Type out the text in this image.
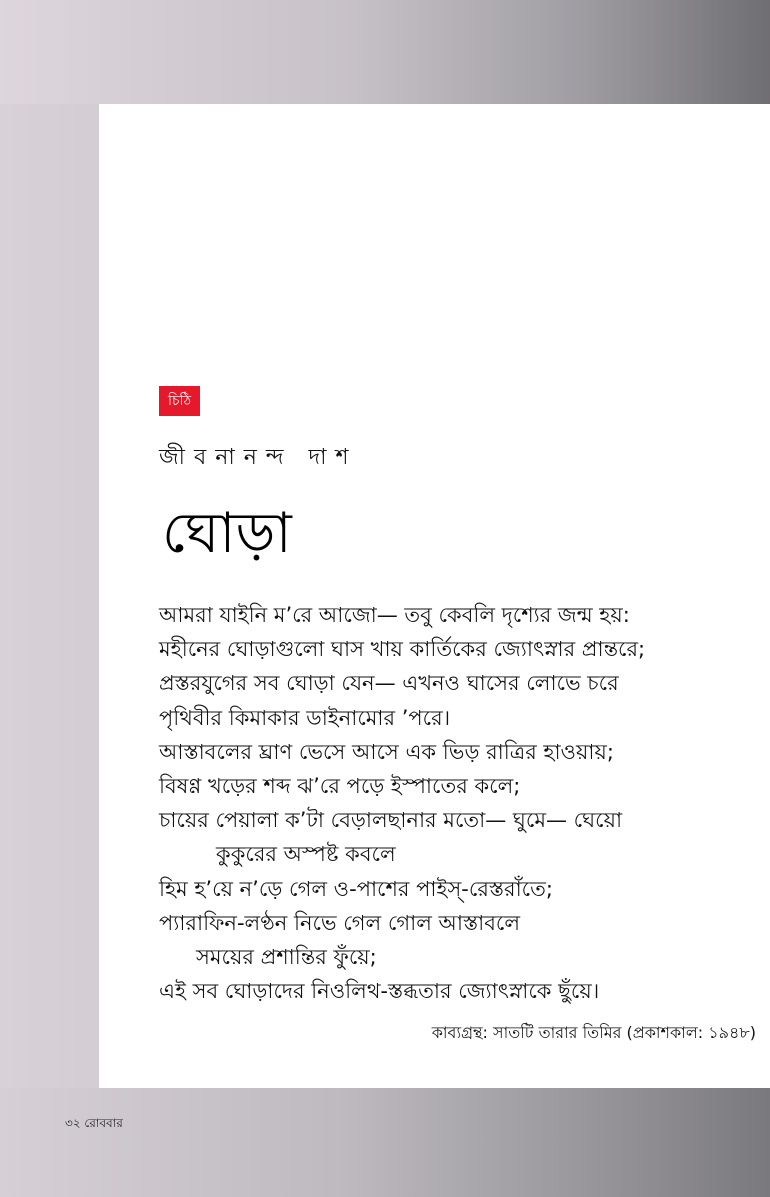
চিঠি
জীবনানন্দ দাশ
ঘোড়া
আমরা যাইনি ম’রে আজো— তবু কেবলি দৃশ্যের জন্ম হয়:
মহীনের ঘোড়াগুলো ঘাস খায় কার্তিকের জ্যোৎস্নার প্রান্তরে;
প্রস্তরযুগের সব ঘোড়া যেন— এখনও ঘাসের লোভে চরে
পৃথিবীর কিমাকার ডাইনামোর ’পরে।
আস্তাবলের ঘ্রাণ ভেসে আসে এক ভিড় রাত্রির হাওয়ায়;
বিষণ্ণ খড়ের শব্দ ঝ’রে পড়ে ইস্পাতের কলে;
চায়ের পেয়ালা ক’টা বেড়ালছানার মতো— ঘুমে— ঘেয়ো
কুকুরের অস্পষ্ট কবলে
হিম হ’য়ে ন’ড়ে গেল ও-পাশের পাইস্-রেস্তরাঁতে;
প্যারাফিন-লণ্ঠন নিভে গেল গোল আস্তাবলে
সময়ের প্রশান্তির ফুঁয়ে;
এই সব ঘোড়াদের নিওলিথ-স্তব্ধতার জ্যোৎস্নাকে ছুঁয়ে।
কাব্যগ্রন্থ: সাতটি তারার তিমির (প্রকাশকাল: ১৯৪৮)
৩২ রোববার
